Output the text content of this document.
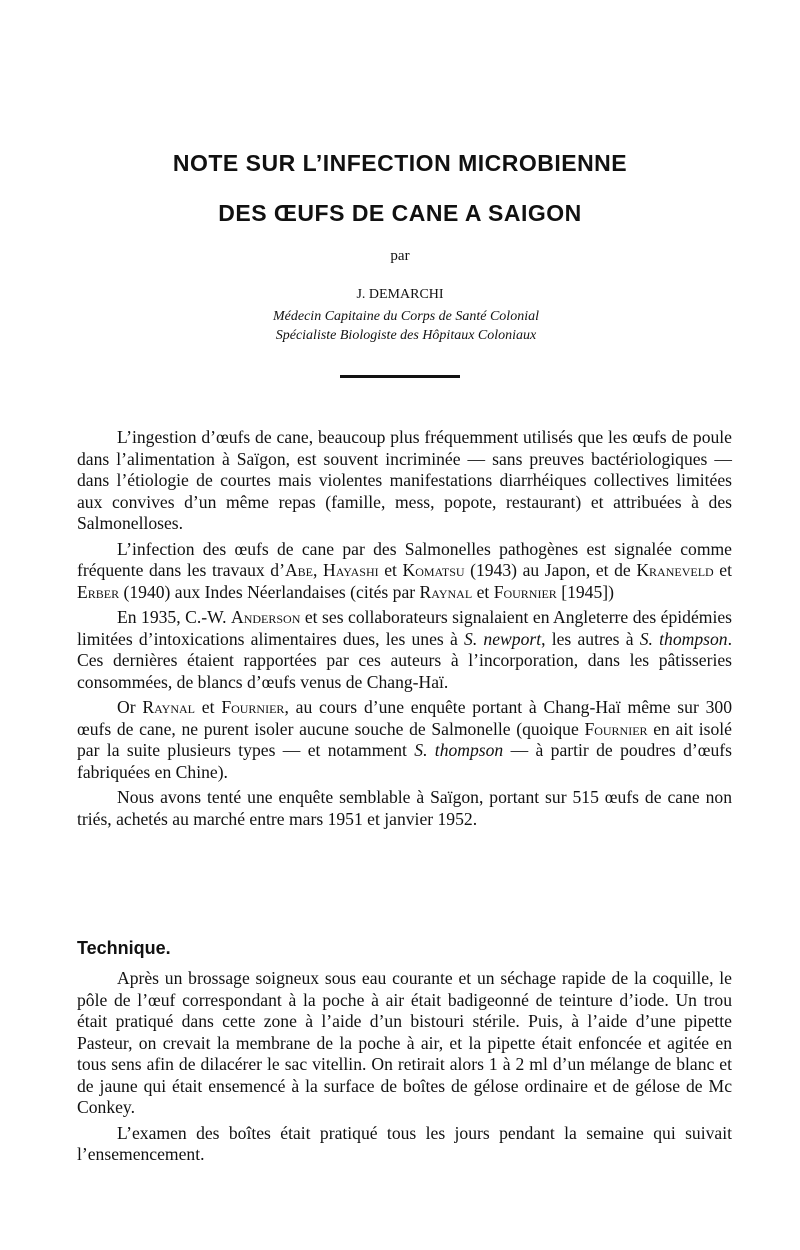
NOTE SUR L’INFECTION MICROBIENNE
DES ŒUFS DE CANE A SAIGON
par
J. DEMARCHI
Médecin Capitaine du Corps de Santé Colonial
Spécialiste Biologiste des Hôpitaux Coloniaux

L’ingestion d’œufs de cane, beaucoup plus fréquemment utilisés que les œufs de poule dans l’alimentation à Saïgon, est souvent incriminée — sans preuves bactériologiques — dans l’étiologie de courtes mais violentes manifestations diarrhéiques collectives limitées aux convives d’un même repas (famille, mess, popote, restaurant) et attribuées à des Salmonelloses.

L’infection des œufs de cane par des Salmonelles pathogènes est signalée comme fréquente dans les travaux d’Abe, Hayashi et Komatsu (1943) au Japon, et de Kraneveld et Erber (1940) aux Indes Néerlandaises (cités par Raynal et Fournier [1945])

En 1935, C.-W. Anderson et ses collaborateurs signalaient en Angleterre des épidémies limitées d’intoxications alimentaires dues, les unes à S. newport, les autres à S. thompson. Ces dernières étaient rapportées par ces auteurs à l’incorporation, dans les pâtisseries consommées, de blancs d’œufs venus de Chang-Haï.

Or Raynal et Fournier, au cours d’une enquête portant à Chang-Haï même sur 300 œufs de cane, ne purent isoler aucune souche de Salmonelle (quoique Fournier en ait isolé par la suite plusieurs types — et notamment S. thompson — à partir de poudres d’œufs fabriquées en Chine).

Nous avons tenté une enquête semblable à Saïgon, portant sur 515 œufs de cane non triés, achetés au marché entre mars 1951 et janvier 1952.

Technique.

Après un brossage soigneux sous eau courante et un séchage rapide de la coquille, le pôle de l’œuf correspondant à la poche à air était badigeonné de teinture d’iode. Un trou était pratiqué dans cette zone à l’aide d’un bistouri stérile. Puis, à l’aide d’une pipette Pasteur, on crevait la membrane de la poche à air, et la pipette était enfoncée et agitée en tous sens afin de dilacérer le sac vitellin. On retirait alors 1 à 2 ml d’un mélange de blanc et de jaune qui était ensemencé à la surface de boîtes de gélose ordinaire et de gélose de Mc Conkey.

L’examen des boîtes était pratiqué tous les jours pendant la semaine qui suivait l’ensemencement.
